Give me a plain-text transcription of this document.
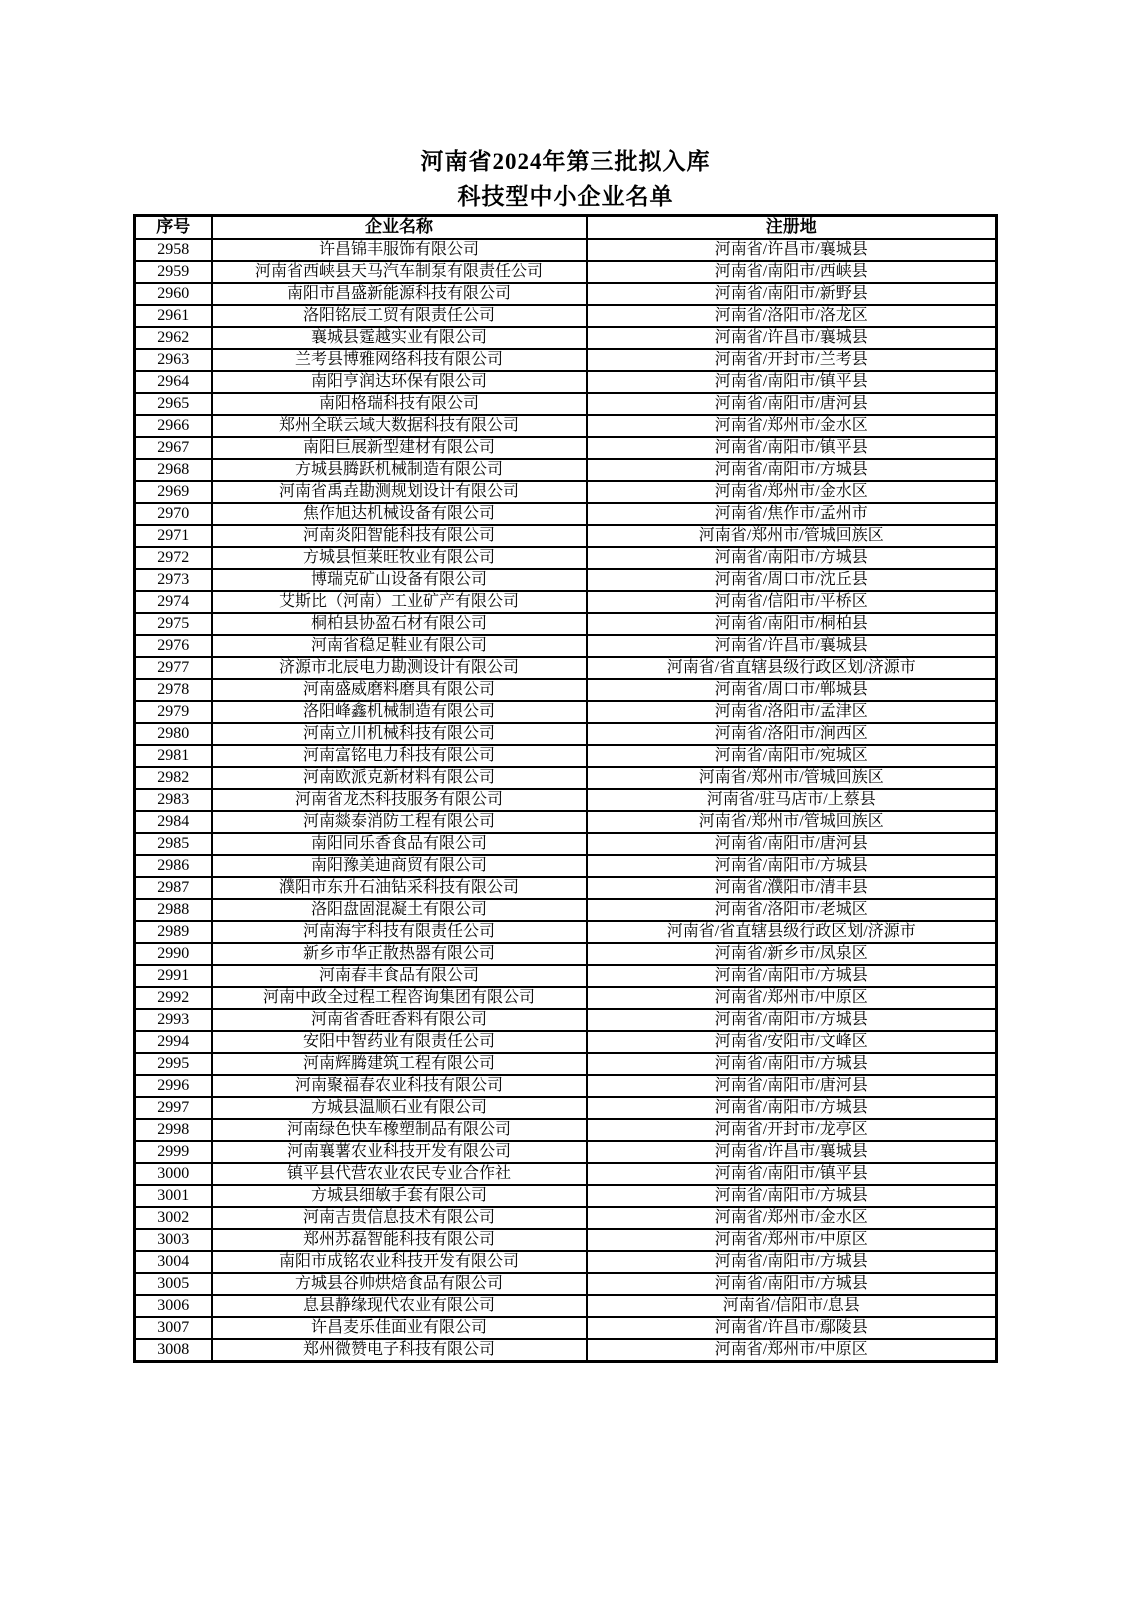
河南省2024年第三批拟入库
科技型中小企业名单
序号	企业名称	注册地
2958	许昌锦丰服饰有限公司	河南省/许昌市/襄城县
2959	河南省西峡县天马汽车制泵有限责任公司	河南省/南阳市/西峡县
2960	南阳市昌盛新能源科技有限公司	河南省/南阳市/新野县
2961	洛阳铭辰工贸有限责任公司	河南省/洛阳市/洛龙区
2962	襄城县霆越实业有限公司	河南省/许昌市/襄城县
2963	兰考县博雅网络科技有限公司	河南省/开封市/兰考县
2964	南阳亨润达环保有限公司	河南省/南阳市/镇平县
2965	南阳格瑞科技有限公司	河南省/南阳市/唐河县
2966	郑州全联云域大数据科技有限公司	河南省/郑州市/金水区
2967	南阳巨展新型建材有限公司	河南省/南阳市/镇平县
2968	方城县腾跃机械制造有限公司	河南省/南阳市/方城县
2969	河南省禹垚勘测规划设计有限公司	河南省/郑州市/金水区
2970	焦作旭达机械设备有限公司	河南省/焦作市/孟州市
2971	河南炎阳智能科技有限公司	河南省/郑州市/管城回族区
2972	方城县恒莱旺牧业有限公司	河南省/南阳市/方城县
2973	博瑞克矿山设备有限公司	河南省/周口市/沈丘县
2974	艾斯比（河南）工业矿产有限公司	河南省/信阳市/平桥区
2975	桐柏县协盈石材有限公司	河南省/南阳市/桐柏县
2976	河南省稳足鞋业有限公司	河南省/许昌市/襄城县
2977	济源市北辰电力勘测设计有限公司	河南省/省直辖县级行政区划/济源市
2978	河南盛威磨料磨具有限公司	河南省/周口市/郸城县
2979	洛阳峰鑫机械制造有限公司	河南省/洛阳市/孟津区
2980	河南立川机械科技有限公司	河南省/洛阳市/涧西区
2981	河南富铭电力科技有限公司	河南省/南阳市/宛城区
2982	河南欧派克新材料有限公司	河南省/郑州市/管城回族区
2983	河南省龙杰科技服务有限公司	河南省/驻马店市/上蔡县
2984	河南燚泰消防工程有限公司	河南省/郑州市/管城回族区
2985	南阳同乐香食品有限公司	河南省/南阳市/唐河县
2986	南阳豫美迪商贸有限公司	河南省/南阳市/方城县
2987	濮阳市东升石油钻采科技有限公司	河南省/濮阳市/清丰县
2988	洛阳盘固混凝土有限公司	河南省/洛阳市/老城区
2989	河南海宇科技有限责任公司	河南省/省直辖县级行政区划/济源市
2990	新乡市华正散热器有限公司	河南省/新乡市/凤泉区
2991	河南春丰食品有限公司	河南省/南阳市/方城县
2992	河南中政全过程工程咨询集团有限公司	河南省/郑州市/中原区
2993	河南省香旺香料有限公司	河南省/南阳市/方城县
2994	安阳中智药业有限责任公司	河南省/安阳市/文峰区
2995	河南辉腾建筑工程有限公司	河南省/南阳市/方城县
2996	河南聚福春农业科技有限公司	河南省/南阳市/唐河县
2997	方城县温顺石业有限公司	河南省/南阳市/方城县
2998	河南绿色快车橡塑制品有限公司	河南省/开封市/龙亭区
2999	河南襄薯农业科技开发有限公司	河南省/许昌市/襄城县
3000	镇平县代营农业农民专业合作社	河南省/南阳市/镇平县
3001	方城县细敏手套有限公司	河南省/南阳市/方城县
3002	河南吉贵信息技术有限公司	河南省/郑州市/金水区
3003	郑州苏磊智能科技有限公司	河南省/郑州市/中原区
3004	南阳市成铭农业科技开发有限公司	河南省/南阳市/方城县
3005	方城县谷帅烘焙食品有限公司	河南省/南阳市/方城县
3006	息县静缘现代农业有限公司	河南省/信阳市/息县
3007	许昌麦乐佳面业有限公司	河南省/许昌市/鄢陵县
3008	郑州微赞电子科技有限公司	河南省/郑州市/中原区
